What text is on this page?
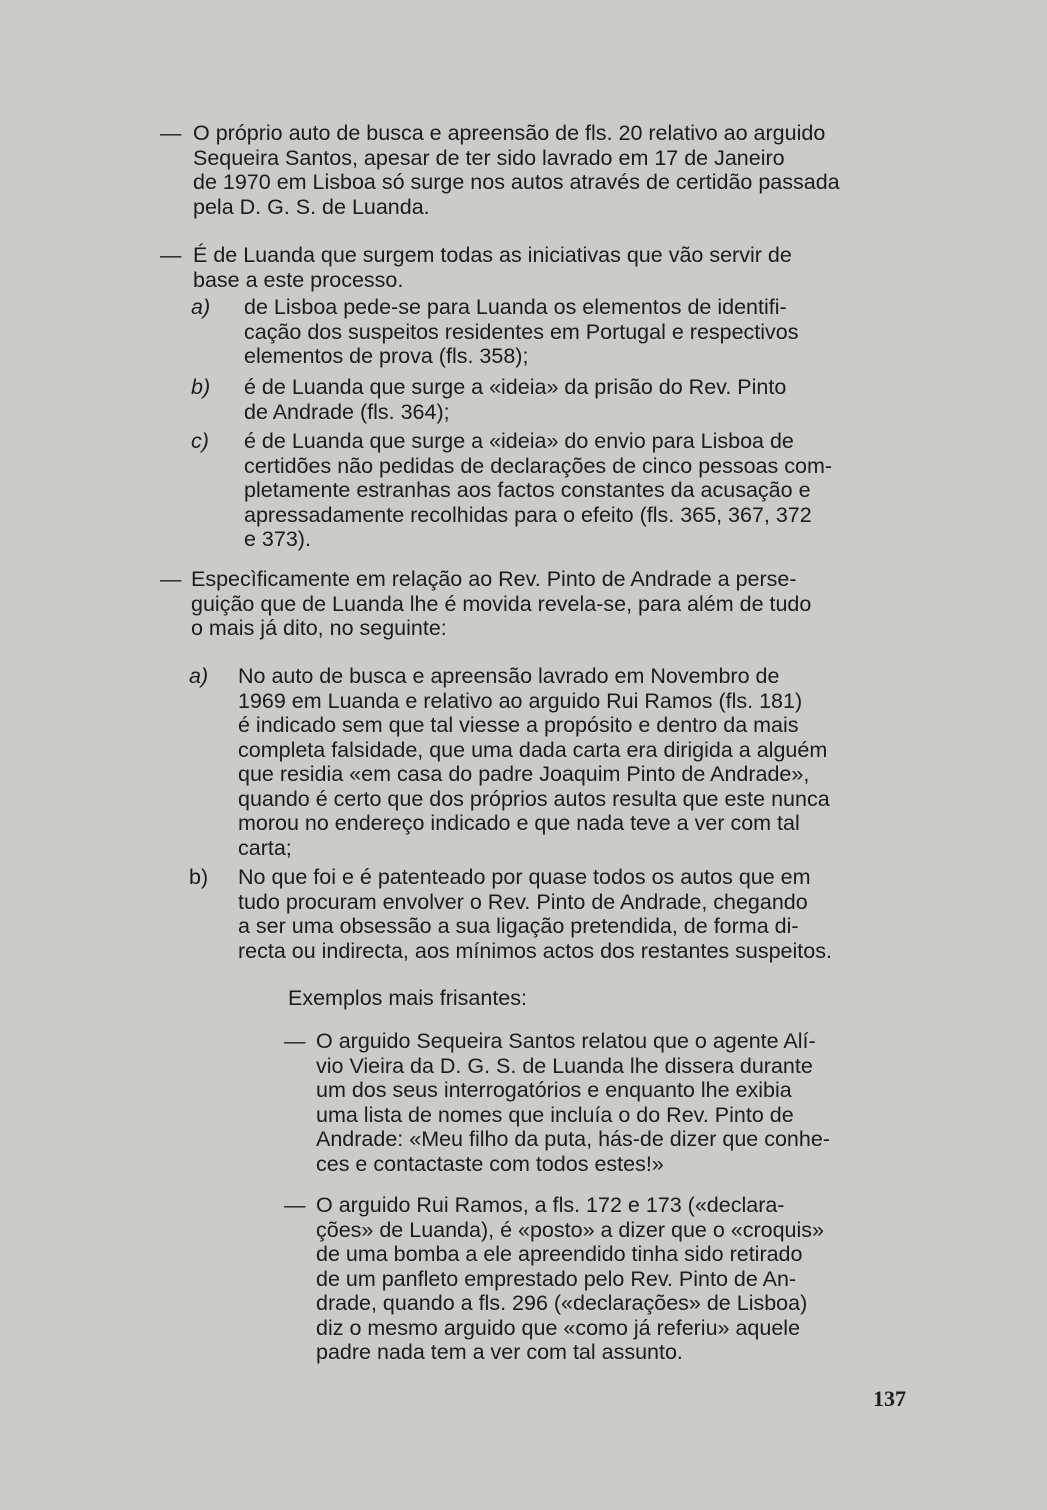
— O próprio auto de busca e apreensão de fls. 20 relativo ao arguido
Sequeira Santos, apesar de ter sido lavrado em 17 de Janeiro
de 1970 em Lisboa só surge nos autos através de certidão passada
pela D. G. S. de Luanda.
— É de Luanda que surgem todas as iniciativas que vão servir de
base a este processo.
a) de Lisboa pede-se para Luanda os elementos de identifi-
cação dos suspeitos residentes em Portugal e respectivos
elementos de prova (fls. 358);
b) é de Luanda que surge a «ideia» da prisão do Rev. Pinto
de Andrade (fls. 364);
c) é de Luanda que surge a «ideia» do envio para Lisboa de
certidões não pedidas de declarações de cinco pessoas com-
pletamente estranhas aos factos constantes da acusação e
apressadamente recolhidas para o efeito (fls. 365, 367, 372
e 373).
— Especìficamente em relação ao Rev. Pinto de Andrade a perse-
guição que de Luanda lhe é movida revela-se, para além de tudo
o mais já dito, no seguinte:
a) No auto de busca e apreensão lavrado em Novembro de
1969 em Luanda e relativo ao arguido Rui Ramos (fls. 181)
é indicado sem que tal viesse a propósito e dentro da mais
completa falsidade, que uma dada carta era dirigida a alguém
que residia «em casa do padre Joaquim Pinto de Andrade»,
quando é certo que dos próprios autos resulta que este nunca
morou no endereço indicado e que nada teve a ver com tal
carta;
b) No que foi e é patenteado por quase todos os autos que em
tudo procuram envolver o Rev. Pinto de Andrade, chegando
a ser uma obsessão a sua ligação pretendida, de forma di-
recta ou indirecta, aos mínimos actos dos restantes suspeitos.
Exemplos mais frisantes:
— O arguido Sequeira Santos relatou que o agente Alí-
vio Vieira da D. G. S. de Luanda lhe dissera durante
um dos seus interrogatórios e enquanto lhe exibia
uma lista de nomes que incluía o do Rev. Pinto de
Andrade: «Meu filho da puta, hás-de dizer que conhe-
ces e contactaste com todos estes!»
— O arguido Rui Ramos, a fls. 172 e 173 («declara-
ções» de Luanda), é «posto» a dizer que o «croquis»
de uma bomba a ele apreendido tinha sido retirado
de um panfleto emprestado pelo Rev. Pinto de An-
drade, quando a fls. 296 («declarações» de Lisboa)
diz o mesmo arguido que «como já referiu» aquele
padre nada tem a ver com tal assunto.
137
